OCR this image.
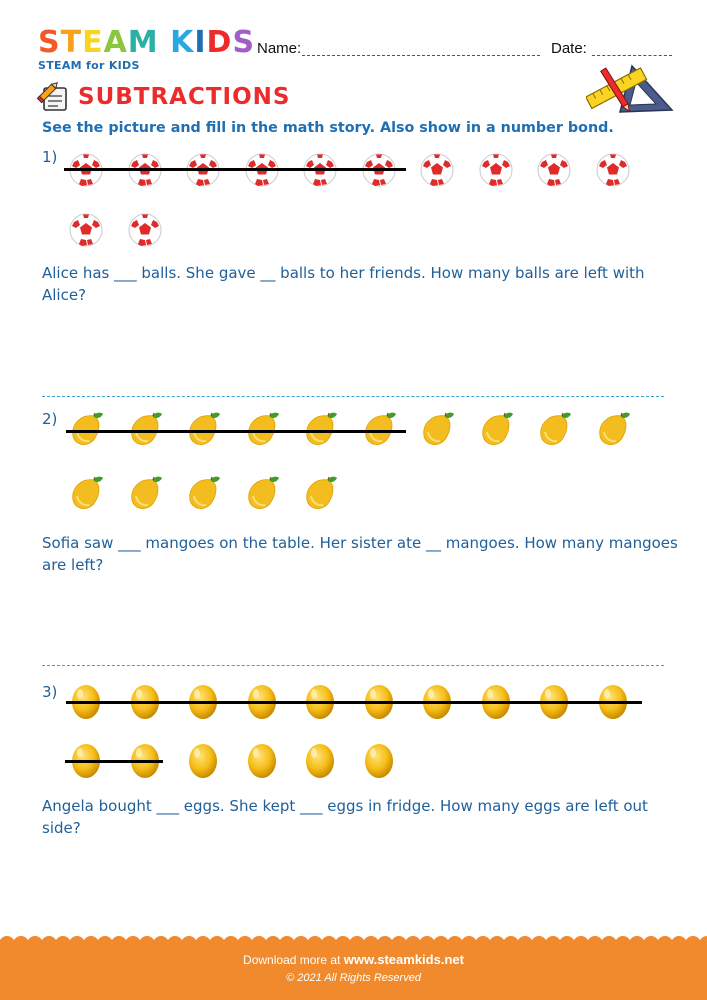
STEAM KIDS
STEAM for KIDS
Name:	Date:
SUBTRACTIONS
See the picture and fill in the math story. Also show in a number bond.
1)
Alice has ___ balls. She gave __ balls to her friends. How many balls are left with Alice?
2)
Sofia saw ___ mangoes on the table. Her sister ate __ mangoes. How many mangoes are left?
3)
Angela bought ___ eggs. She kept ___ eggs in fridge. How many eggs are left out side?
Download more at www.steamkids.net
© 2021 All Rights Reserved
